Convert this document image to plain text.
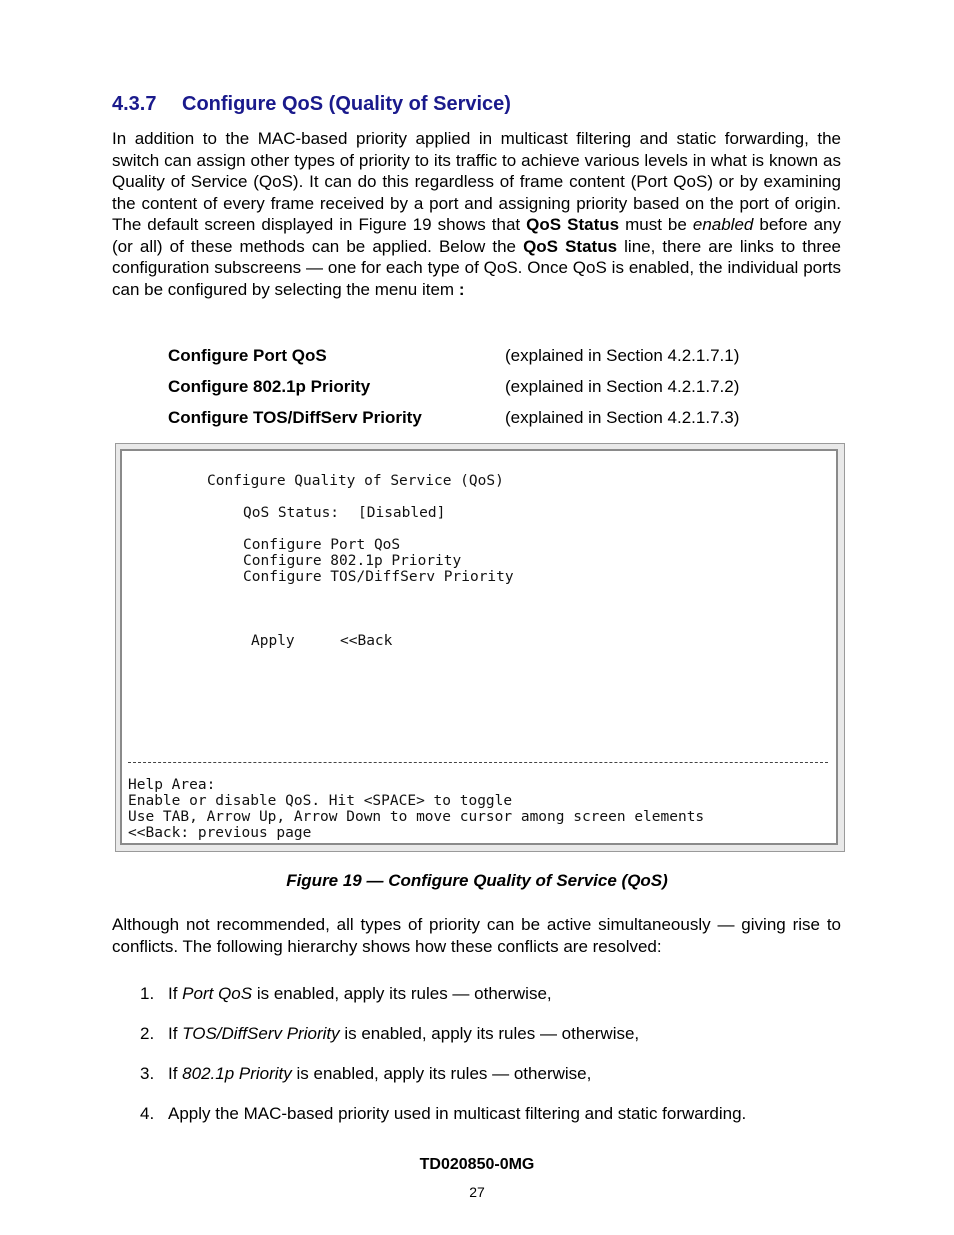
4.3.7 Configure QoS (Quality of Service)

In addition to the MAC-based priority applied in multicast filtering and static forwarding, the switch can assign other types of priority to its traffic to achieve various levels in what is known as Quality of Service (QoS). It can do this regardless of frame content (Port QoS) or by examining the content of every frame received by a port and assigning priority based on the port of origin. The default screen displayed in Figure 19 shows that QoS Status must be enabled before any (or all) of these methods can be applied. Below the QoS Status line, there are links to three configuration subscreens — one for each type of QoS. Once QoS is enabled, the individual ports can be configured by selecting the menu item :

Configure Port QoS	(explained in Section 4.2.1.7.1)
Configure 802.1p Priority	(explained in Section 4.2.1.7.2)
Configure TOS/DiffServ Priority	(explained in Section 4.2.1.7.3)
Configure Quality of Service (QoS)
QoS Status: [Disabled]
Configure Port QoS
Configure 802.1p Priority
Configure TOS/DiffServ Priority
Apply	<<Back
Help Area:
Enable or disable QoS. Hit <SPACE> to toggle
Use TAB, Arrow Up, Arrow Down to move cursor among screen elements
<<Back: previous page
Figure 19 — Configure Quality of Service (QoS)

Although not recommended, all types of priority can be active simultaneously — giving rise to conflicts. The following hierarchy shows how these conflicts are resolved:

1. If Port QoS is enabled, apply its rules — otherwise,
2. If TOS/DiffServ Priority is enabled, apply its rules — otherwise,
3. If 802.1p Priority is enabled, apply its rules — otherwise,
4. Apply the MAC-based priority used in multicast filtering and static forwarding.
TD020850-0MG
27
